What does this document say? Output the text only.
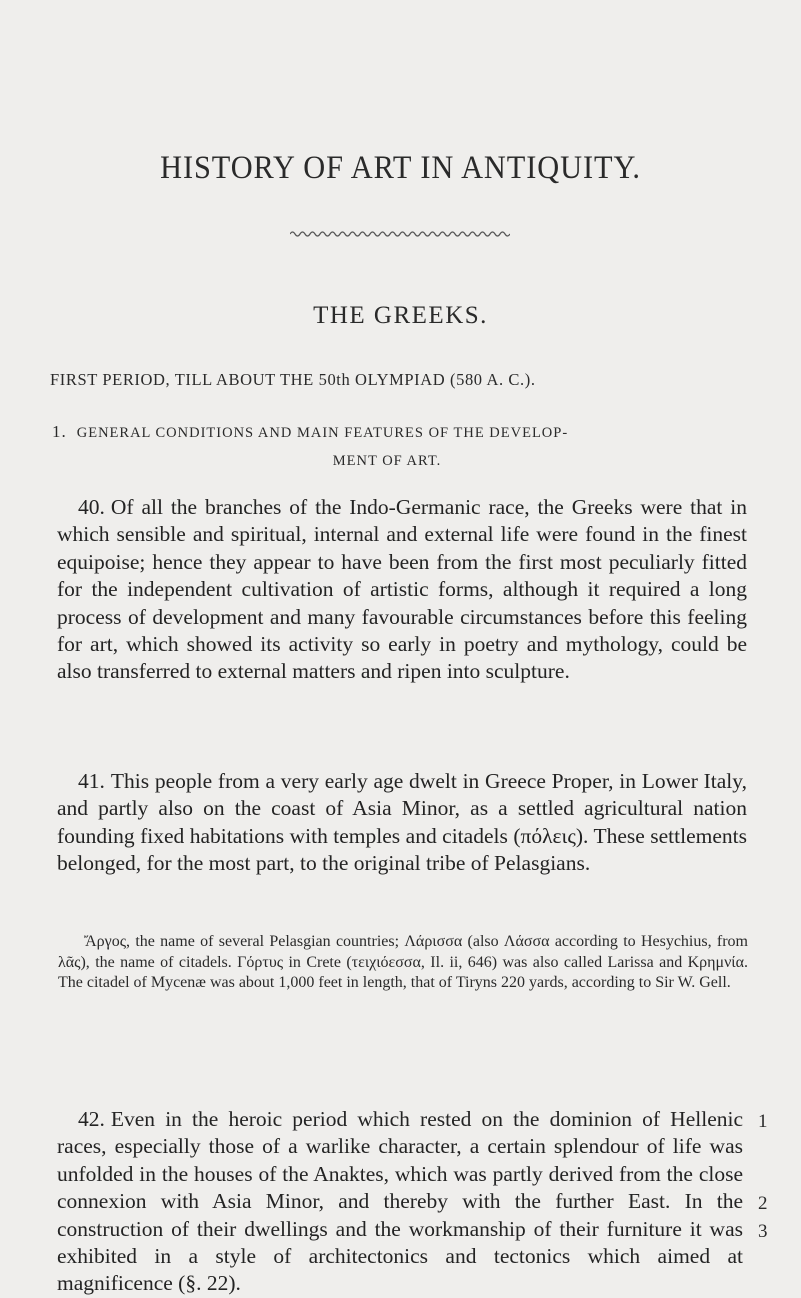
HISTORY OF ART IN ANTIQUITY.
THE GREEKS.
FIRST PERIOD, TILL ABOUT THE 50th OLYMPIAD (580 A. C.).
1. GENERAL CONDITIONS AND MAIN FEATURES OF THE DEVELOP-
MENT OF ART.

40. Of all the branches of the Indo-Germanic race, the Greeks were that in which sensible and spiritual, internal and external life were found in the finest equipoise; hence they appear to have been from the first most peculiarly fitted for the independent cultivation of artistic forms, although it required a long process of development and many favourable circumstances before this feeling for art, which showed its activity so early in poetry and mythology, could be also transferred to external matters and ripen into sculpture.

41. This people from a very early age dwelt in Greece Proper, in Lower Italy, and partly also on the coast of Asia Minor, as a settled agricultural nation founding fixed habitations with temples and citadels (πόλεις). These settlements belonged, for the most part, to the original tribe of Pelasgians.

Ἄργος, the name of several Pelasgian countries; Λάρισσα (also Λάσσα according to Hesychius, from λᾶς), the name of citadels. Γόρτυς in Crete (τειχιόεσσα, Il. ii, 646) was also called Larissa and Κρημνία. The citadel of Mycenæ was about 1,000 feet in length, that of Tiryns 220 yards, according to Sir W. Gell.

42. Even in the heroic period which rested on the dominion of Hellenic races, especially those of a warlike character, a certain splendour of life was unfolded in the houses of the Anaktes, which was partly derived from the close connexion with Asia Minor, and thereby with the further East. In the construction of their dwellings and the workmanship of their furniture it was exhibited in a style of architectonics and tectonics which aimed at magnificence (§. 22).

1
2
3
